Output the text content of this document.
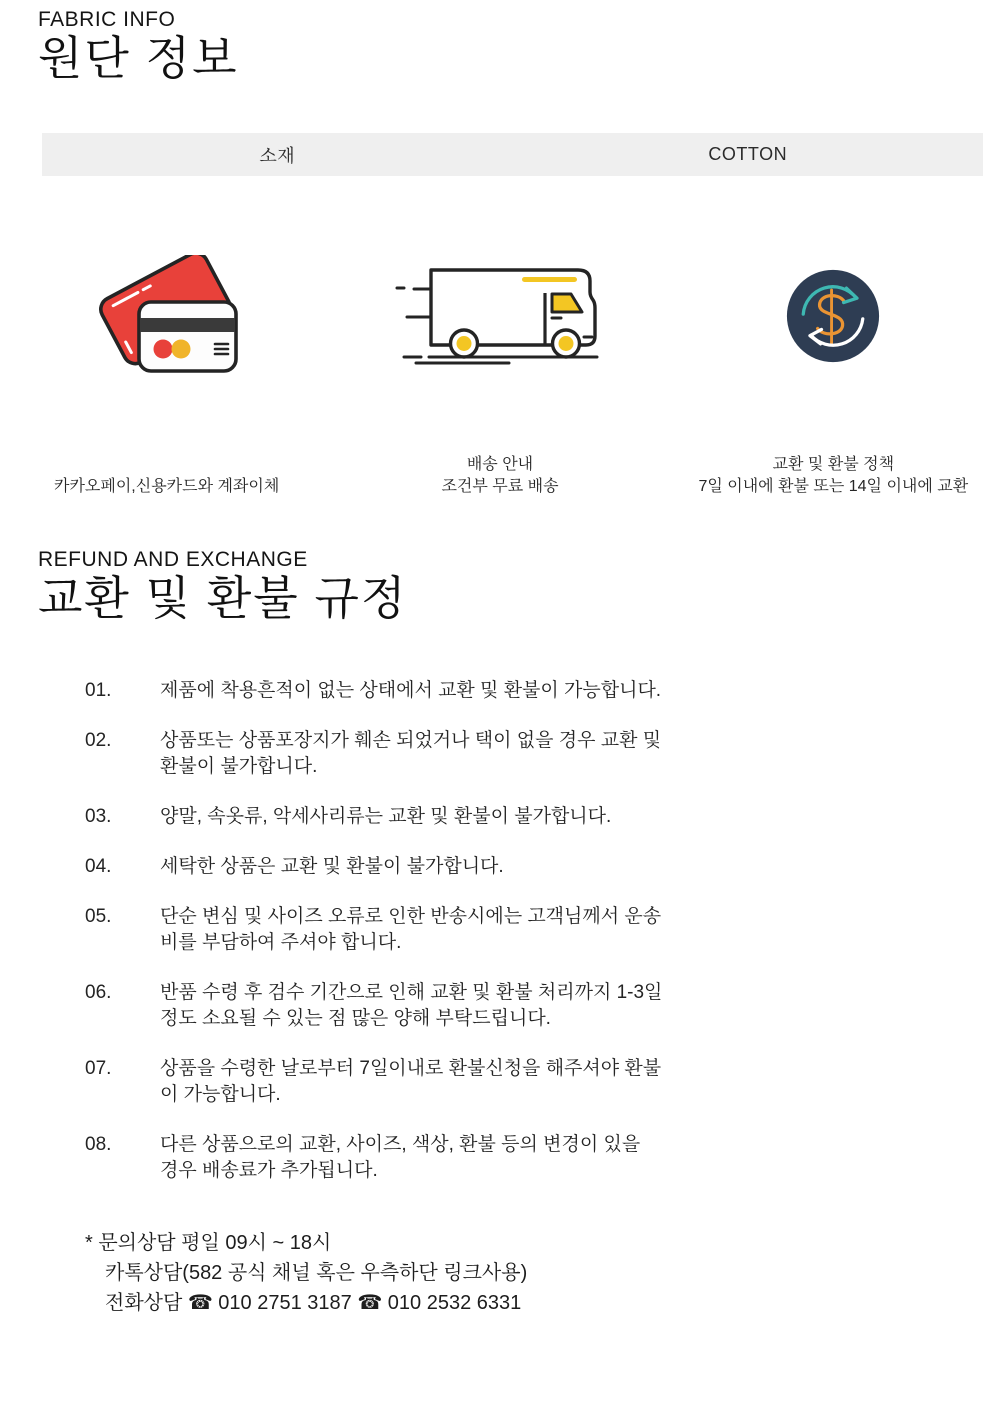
FABRIC INFO
원단 정보
소재	COTTON
카카오페이,신용카드와 계좌이체
배송 안내
조건부 무료 배송
교환 및 환불 정책
7일 이내에 환불 또는 14일 이내에 교환
REFUND AND EXCHANGE
교환 및 환불 규정
01.	제품에 착용흔적이 없는 상태에서 교환 및 환불이 가능합니다.
02.	상품또는 상품포장지가 훼손 되었거나 택이 없을 경우 교환 및
환불이 불가합니다.
03.	양말, 속옷류, 악세사리류는 교환 및 환불이 불가합니다.
04.	세탁한 상품은 교환 및 환불이 불가합니다.
05.	단순 변심 및 사이즈 오류로 인한 반송시에는 고객님께서 운송
비를 부담하여 주셔야 합니다.
06.	반품 수령 후 검수 기간으로 인해 교환 및 환불 처리까지 1-3일
정도 소요될 수 있는 점 많은 양해 부탁드립니다.
07.	상품을 수령한 날로부터 7일이내로 환불신청을 해주셔야 환불
이 가능합니다.
08.	다른 상품으로의 교환, 사이즈, 색상, 환불 등의 변경이 있을
경우 배송료가 추가됩니다.
* 문의상담 평일 09시 ~ 18시
카톡상담(582 공식 채널 혹은 우측하단 링크사용)
전화상담 ☎ 010 2751 3187 ☎ 010 2532 6331
